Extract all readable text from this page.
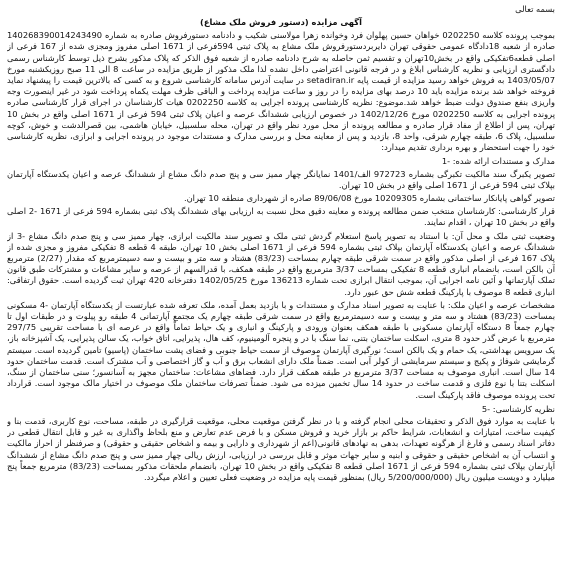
بسمه تعالی
آگهی مزایده (دستور فروش ملک مشاع)

بموجب پرونده کلاسه 0202250 خواهان حسین پهلوان فرد وخوانده زهرا مولاسنی شکیب و دادنامه دستورفروش صادره به شماره 140268390014243490 صادره از شعبه 18دادگاه عمومی حقوقی تهران دایربردستورفروش ملک مشاع به پلاک ثبتی 594فرعی از 1671 اصلی مفروز ومجزی شده از 167 فرعی از اصلی قطعه6تفکیکی واقع در بخش10تهران و تقسیم ثمن حاصله به شرح دادنامه صادره از شعبه فوق الذکر که پلاک مذکور بشرح ذیل توسط کارشناس رسمی دادگستری ارزیابی و نظریه کارشناس ابلاغ و در فرجه قانونی اعتراضی داخل نشده لذا ملک مذکور از طریق مزایده در ساعت 8 الی 11 صبح روزیکشنبه مورخ 1403/05/07 به فروش خواهد رسید مزایده از قیمت پایه setadiran.ir در سایت آدرس سامانه کارشناسی شروع و به کسی که بالاترین قیمت را پیشنهاد نماید فروخته خواهد شد برنده مزایده باید 10 درصد بهای مزایده را در روز و ساعت مزایده پرداخت و الباقی ظرف مهلت یکماه پرداخت شود در غیر اینصورت وجه واریزی بنفع صندوق دولت ضبط خواهد شد.موضوع: نظریه کارشناسی پرونده اجرایی به کلاسه 0202250 هیات کارشناسان در اجرای قرار کارشناسی صادره پرونده اجرایی به کلاسه 0202250 مورخ 1402/12/26 در خصوص ارزیابی ششدانگ عرصه و اعیان پلاک ثبتی 594 فرعی از 1671 اصلی واقع در بخش 10 تهران، پس از اطلاع از مفاد قرار صادره و مطالعه پرونده از محل مورد نظر واقع در تهران، محله سلسبیل، خیابان هاشمی، بین قصرالدشت و خوش، کوچه سلسبیل، پلاک 6، طبقه چهارم شرقی، واحد 8، بازدید و پس از معاینه محل و بررسی مدارک و مستندات موجود در پرونده اجرایی و ابرازی، نظریه کارشناسی خود را جهت استحضار و بهره برداری تقدیم میدارد:

مدارک و مستندات ارائه شده: -1

تصویر یکبرگ سند مالکیت تکبرگی بشماره 972723 الف/1401 نمایانگر چهار ممیز سی و پنج صدم دانگ مشاع از ششدانگ عرصه و اعیان یکدستگاه آپارتمان بپلاک ثبتی 594 فرعی از 1671 اصلی واقع در بخش 10 تهران.

تصویر گواهی پایانکار ساختمانی بشماره 10209305 مورخ 89/06/08 صادره از شهرداری منطقه 10 تهران.

قرار کارشناسی: کارشناسان منتخب ضمن مطالعه پرونده و معاینه دقیق محل نسبت به ارزیابی بهای ششدانگ پلاک ثبتی بشماره 594 فرعی از 1671 -2 اصلی واقع در بخش 10 تهران ، اقدام نمایند.

وضعیت ثبتی ملک و محل آن: با استناد به تصویر پاسخ استعلام گردش ثبتی ملک و تصویر سند مالکیت ابرازی، چهار ممیز سی و پنج صدم دانگ مشاع -3 از ششدانگ عرصه و اعیان یکدستگاه آپارتمان بپلاک ثبتی بشماره 594 فرعی از 1671 اصلی بخش 10 تهران، طبقه 4 قطعه 8 تفکیکی مفروز و مجزی شده از پلاک 167 فرعی از اصلی مذکور واقع در سمت شرقی طبقه چهارم بمساحت (83/23) هشتاد و سه متر و بیست و سه دسیمترمربع که مقدار (2/27) مترمربع آن بالکن است، بانضمام انباری قطعه 8 تفکیکی بمساحت 3/37 مترمربع واقع در طبقه همکف، با قدرالسهم از عرصه و سایر مشاعات و مشترکات طبق قانون تملک آپارتمانها و آئین نامه اجرایی آن، بموجب انتقال ابرازی تحت شماره 136213 مورخ 1402/05/25 دفترخانه 420 تهران ثبت گردیده است. حقوق ارتفاقی: انباری قطعه 8 موصوف با پارکینگ قطعه شش حق عبور دارد.

مشخصات عرصه و اعیان ملک: با عنایت به تصویر اسناد مدارک و مستندات و با بازدید بعمل آمده، ملک تعرفه شده عبارتست از یکدستگاه آپارتمان -4 مسکونی بمساحت (83/23) هشتاد و سه متر و بیست و سه دسیمترمربع واقع در سمت شرقی طبقه چهارم یک مجتمع آپارتمانی 4 طبقه رو پیلوت و در طبقات اول تا چهارم جمعاً 8 دستگاه آپارتمان مسکونی با طبقه همکف بعنوان ورودی و پارکینگ و انباری و یک حیاط تماماً واقع در عرصه ای با مساحت تقریبی 297/75 مترمربع با عرض گذر حدود 8 متری، اسکلت ساختمان بتنی، نما سنگ با در و پنجره آلومینیوم، کف هال، پذیرایی، اتاق خواب، یک سالن پذیرایی، یک آشپزخانه باز، یک سرویس بهداشتی، یک حمام و یک بالکن است؛ نورگیری آپارتمان موصوف از سمت حیاط جنوبی و فضای پشت ساختمان (پاسیو) تامین گردیده است. سیستم گرمایشی شوفاژ و پکیج و سیستم سرمایشی از کولر آبی است. ضمناً ملک دارای انشعاب برق و آب و گاز اختصاصی و آب مشترک است. قدمت ساختمان حدود 14 سال است. انباری موصوف به مساحت 3/37 مترمربع در طبقه همکف قرار دارد. فضاهای مشاعات: ساختمان مجهز به آسانسور؛ سنی ساختمان از سنگ، اسکلت بتنا با نوع فلزی و قدمت ساخت در حدود 14 سال تخمین میزده می شود. ضمناً تصرفات ساختمان ملک موصوف در اختیار مالک موجود است. قرارداد تحت پرونده موصوف فاقد پارکینگ است.

نظریه کارشناسی: -5

با عنایت به موارد فوق الذکر و تحقیقات محلی انجام گرفته و با در نظر گرفتن موقعیت محلی، موقعیت قرارگیری در طبقه، مساحت، نوع کاربری، قدمت بنا و کیفیت ساخت، امتیازات و انشعابات، شرایط حاکم بر بازار خرید و فروش مسکن و با فرض عدم تعارض و منع بلحاظ واگذاری به غیر و قابل انتقال قطعی در دفاتر اسناد رسمی و فارغ از هرگونه تعهدات، بدهی به نهادهای قانونی(اعم از شهرداری و دارایی و بیمه و اشخاص حقیقی و حقوقی) و صرفنظر از احراز مالکیت و انتساب آن به اشخاص حقیقی و حقوقی و ابنیه و سایر جهات موثر و قابل بررسی در ارزیابی، ارزش ریالی چهار ممیز سی و پنج صدم دانگ مشاع از ششدانگ آپارتمان بپلاک ثبتی بشماره 594 فرعی از 1671 اصلی قطعه 8 تفکیکی واقع در بخش 10 تهران، بانضمام ملحقات مذکور بمساحت (83/23) مترمربع جمعاً پنج میلیارد و دویست میلیون ریال (5/200/000/000 ریال) بمنظور قیمت پایه مزایده در وضعیت فعلی تعیین و اعلام میگردد.
